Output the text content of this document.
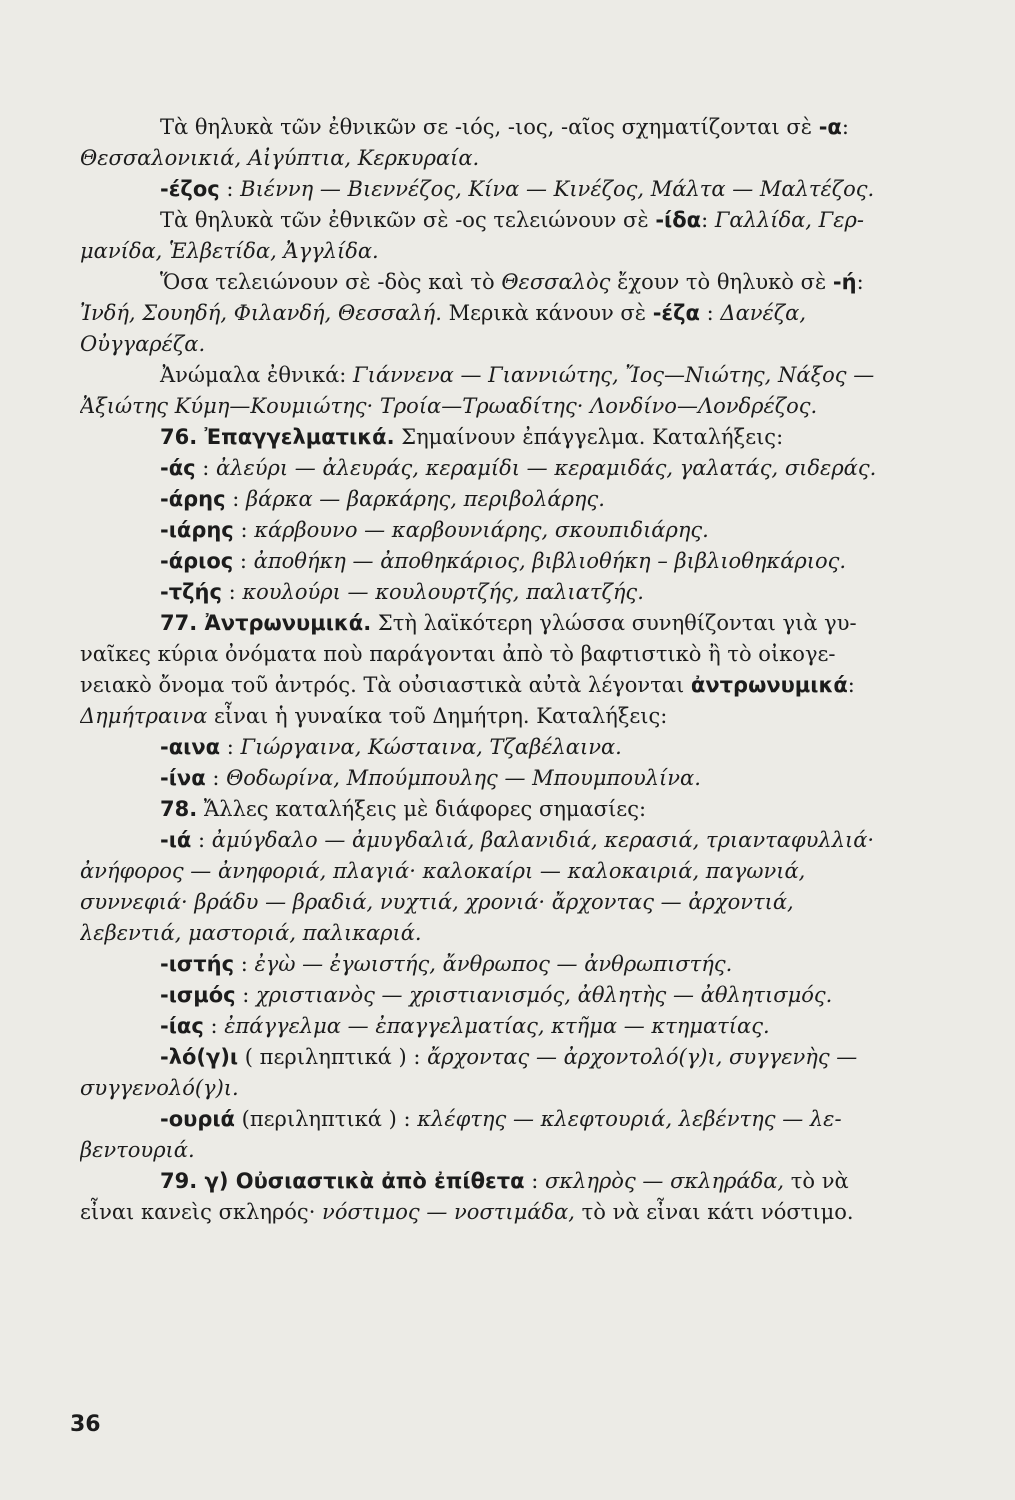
Τὰ θηλυκὰ τῶν ἐθνικῶν σε -ιός, -ιος, -αῖος σχηματίζονται σὲ -α:
Θεσσαλονικιά, Αἰγύπτια, Κερκυραία.
-έζος : Βιέννη — Βιεννέζος, Κίνα — Κινέζος, Μάλτα — Μαλτέζος.
Τὰ θηλυκὰ τῶν ἐθνικῶν σὲ -ος τελειώνουν σὲ -ίδα: Γαλλίδα, Γερ-
μανίδα, Ἑλβετίδα, Ἀγγλίδα.
Ὅσα τελειώνουν σὲ -δὸς καὶ τὸ Θεσσαλὸς ἔχουν τὸ θηλυκὸ σὲ -ή:
Ἰνδή, Σουηδή, Φιλανδή, Θεσσαλή. Μερικὰ κάνουν σὲ -έζα : Δανέζα,
Οὐγγαρέζα.
Ἀνώμαλα ἐθνικά: Γιάννενα — Γιαννιώτης, Ἴος—Νιώτης, Νάξος —
Ἀξιώτης Κύμη—Κουμιώτης· Τροία—Τρωαδίτης· Λονδίνο—Λονδρέζος.
76. Ἐπαγγελματικά. Σημαίνουν ἐπάγγελμα. Καταλήξεις:
-άς : ἀλεύρι — ἀλευράς, κεραμίδι — κεραμιδάς, γαλατάς, σιδεράς.
-άρης : βάρκα — βαρκάρης, περιβολάρης.
-ιάρης : κάρβουνο — καρβουνιάρης, σκουπιδιάρης.
-άριος : ἀποθήκη — ἀποθηκάριος, βιβλιοθήκη – βιβλιοθηκάριος.
-τζής : κουλούρι — κουλουρτζής, παλιατζής.
77. Ἀντρωνυμικά. Στὴ λαϊκότερη γλώσσα συνηθίζονται γιὰ γυ-
ναῖκες κύρια ὀνόματα ποὺ παράγονται ἀπὸ τὸ βαφτιστικὸ ἢ τὸ οἰκογε-
νειακὸ ὄνομα τοῦ ἀντρός. Τὰ οὐσιαστικὰ αὐτὰ λέγονται ἀντρωνυμικά:
Δημήτραινα εἶναι ἡ γυναίκα τοῦ Δημήτρη. Καταλήξεις:
-αινα : Γιώργαινα, Κώσταινα, Τζαβέλαινα.
-ίνα : Θοδωρίνα, Μπούμπουλης — Μπουμπουλίνα.
78. Ἄλλες καταλήξεις μὲ διάφορες σημασίες:
-ιά : ἀμύγδαλο — ἀμυγδαλιά, βαλανιδιά, κερασιά, τριανταφυλλιά·
ἀνήφορος — ἀνηφοριά, πλαγιά· καλοκαίρι — καλοκαιριά, παγωνιά,
συννεφιά· βράδυ — βραδιά, νυχτιά, χρονιά· ἄρχοντας — ἀρχοντιά,
λεβεντιά, μαστοριά, παλικαριά.
-ιστής : ἐγὼ — ἐγωιστής, ἄνθρωπος — ἀνθρωπιστής.
-ισμός : χριστιανὸς — χριστιανισμός, ἀθλητὴς — ἀθλητισμός.
-ίας : ἐπάγγελμα — ἐπαγγελματίας, κτῆμα — κτηματίας.
-λό(γ)ι ( περιληπτικά ) : ἄρχοντας — ἀρχοντολό(γ)ι, συγγενὴς —
συγγενολό(γ)ι.
-ουριά (περιληπτικά ) : κλέφτης — κλεφτουριά, λεβέντης — λε-
βεντουριά.
79. γ) Οὐσιαστικὰ ἀπὸ ἐπίθετα : σκληρὸς — σκληράδα, τὸ νὰ
εἶναι κανεὶς σκληρός· νόστιμος — νοστιμάδα, τὸ νὰ εἶναι κάτι νόστιμο.
36
